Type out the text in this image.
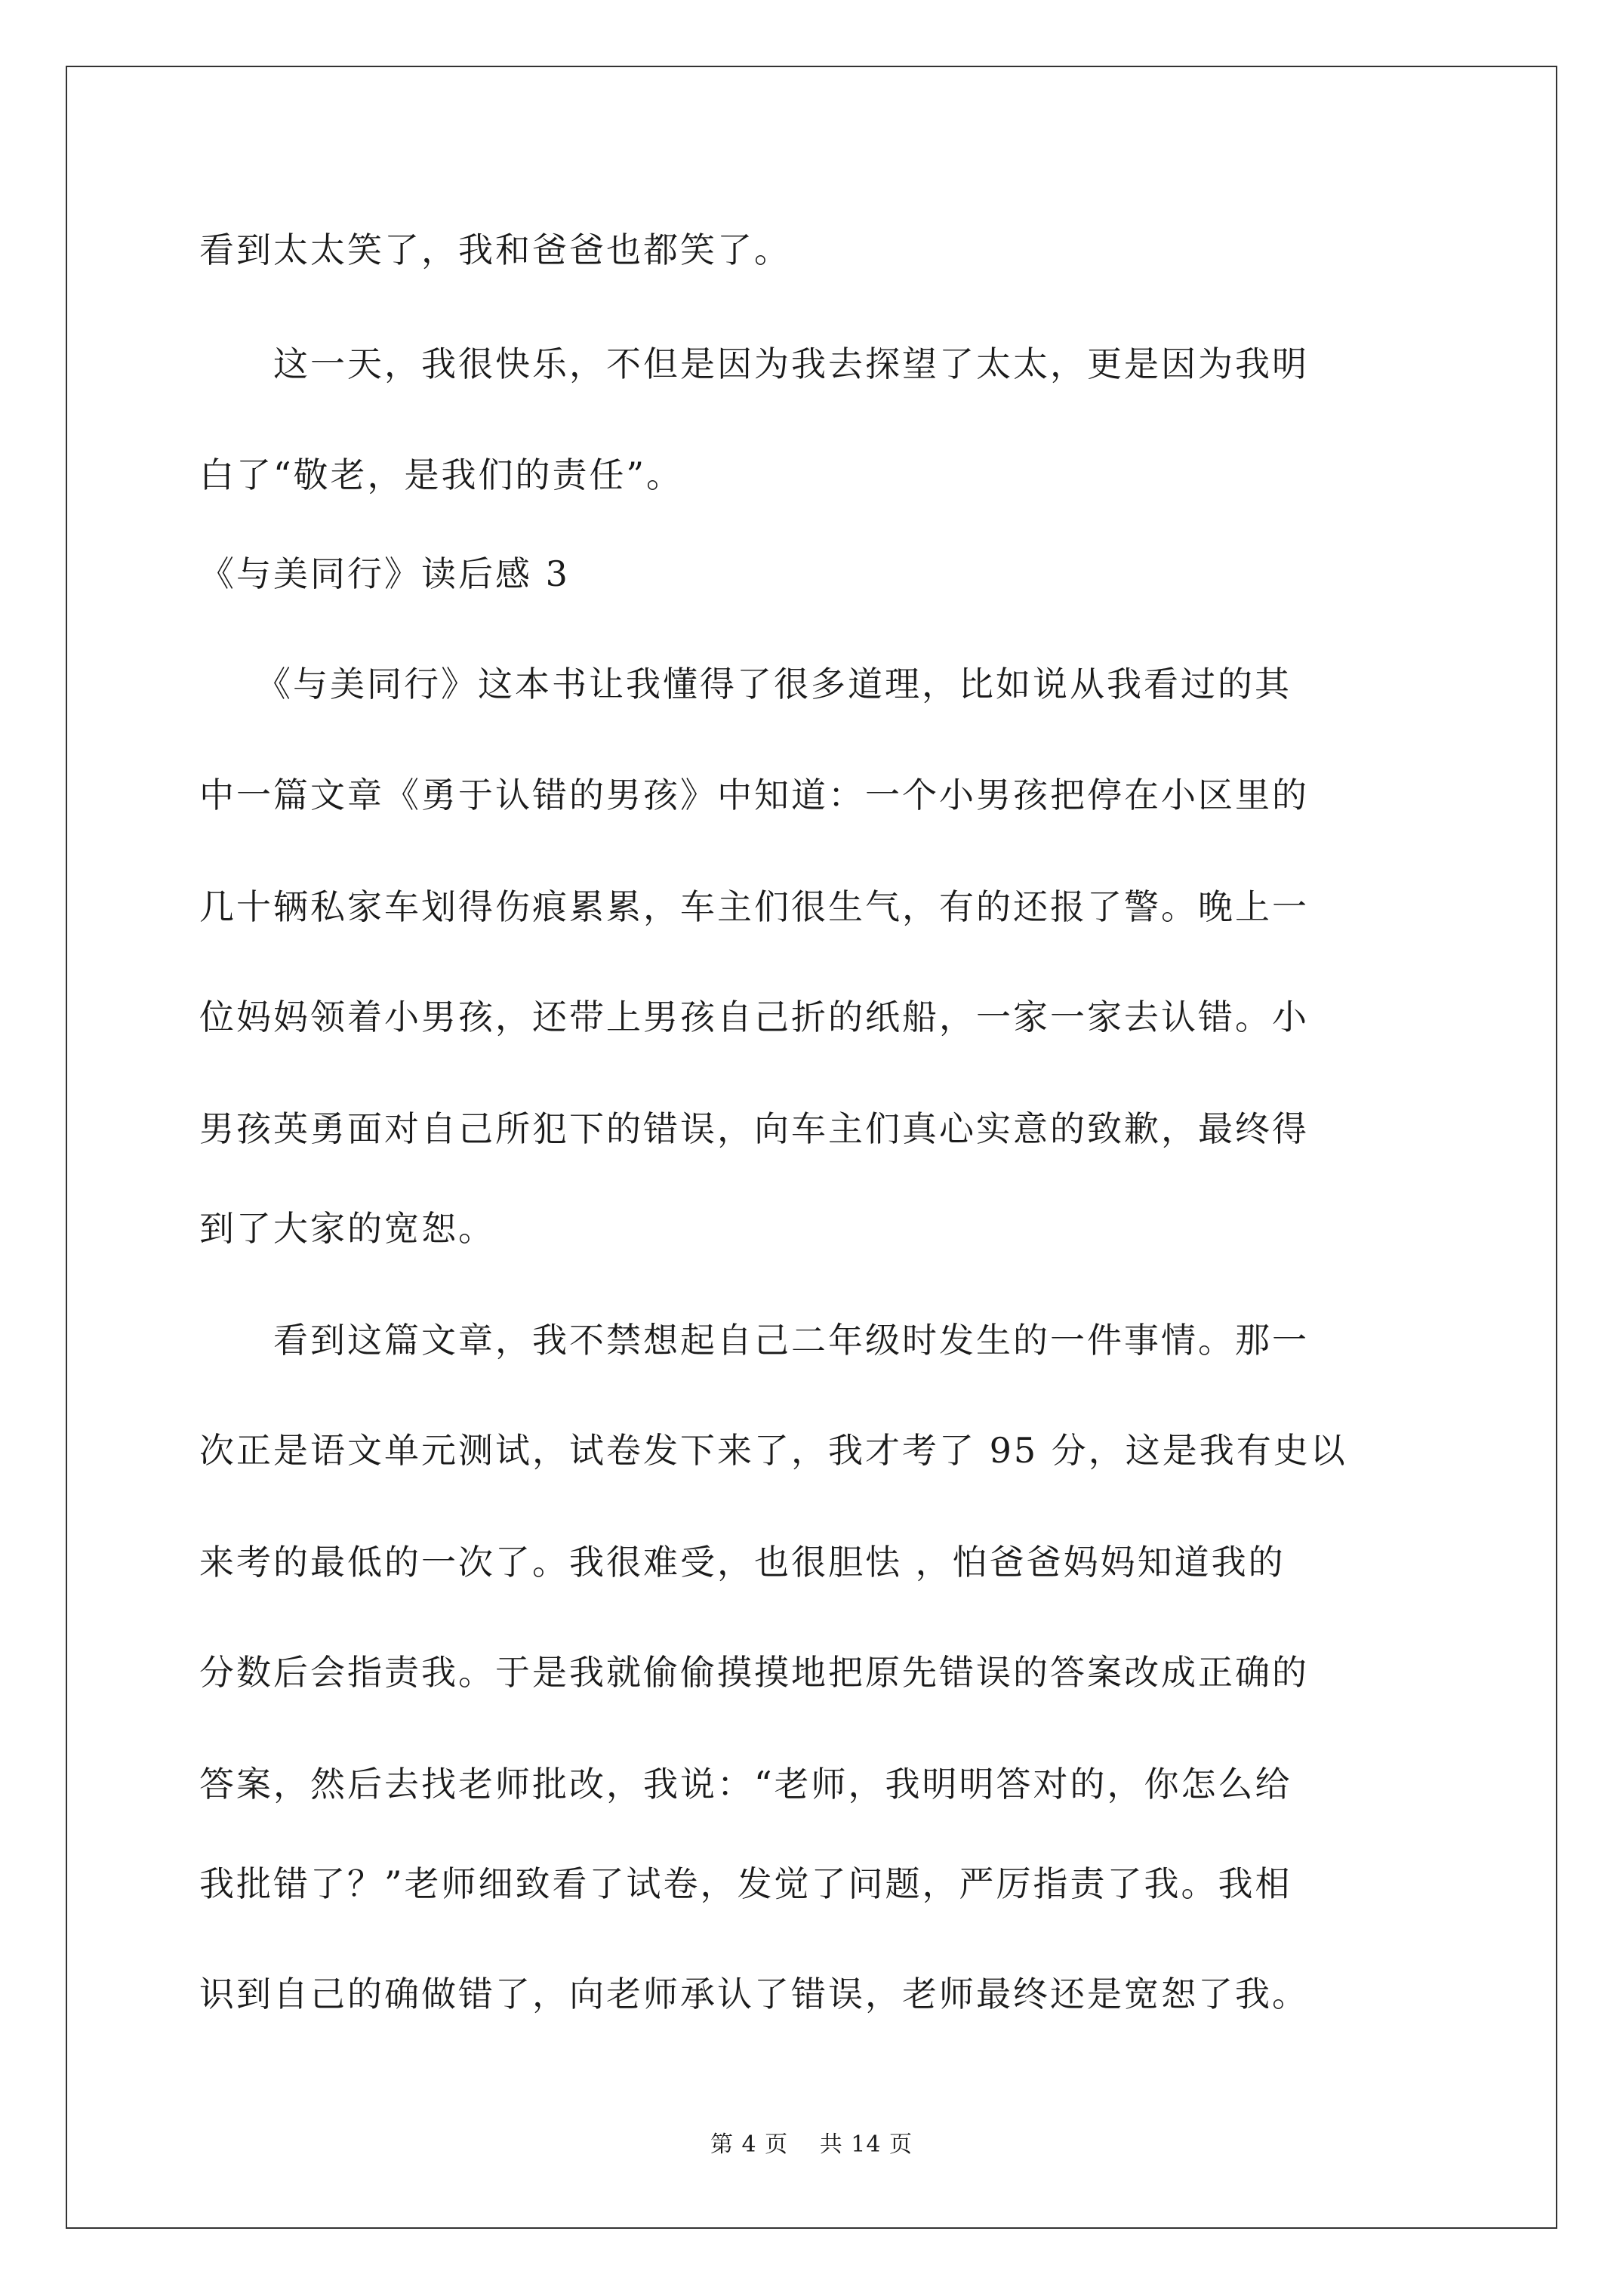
看到太太笑了，我和爸爸也都笑了。
　　这一天，我很快乐，不但是因为我去探望了太太，更是因为我明
白了“敬老，是我们的责任”。
《与美同行》读后感 3
　　《与美同行》这本书让我懂得了很多道理，比如说从我看过的其
中一篇文章《勇于认错的男孩》中知道：一个小男孩把停在小区里的
几十辆私家车划得伤痕累累，车主们很生气，有的还报了警。晚上一
位妈妈领着小男孩，还带上男孩自己折的纸船，一家一家去认错。小
男孩英勇面对自己所犯下的错误，向车主们真心实意的致歉，最终得
到了大家的宽恕。
　　看到这篇文章，我不禁想起自己二年级时发生的一件事情。那一
次正是语文单元测试，试卷发下来了，我才考了 95 分，这是我有史以
来考的最低的一次了。我很难受，也很胆怯 ，怕爸爸妈妈知道我的
分数后会指责我。于是我就偷偷摸摸地把原先错误的答案改成正确的
答案，然后去找老师批改，我说：“老师，我明明答对的，你怎么给
我批错了？”老师细致看了试卷，发觉了问题，严厉指责了我。我相
识到自己的确做错了，向老师承认了错误，老师最终还是宽恕了我。
第 4 页　 共 14 页
